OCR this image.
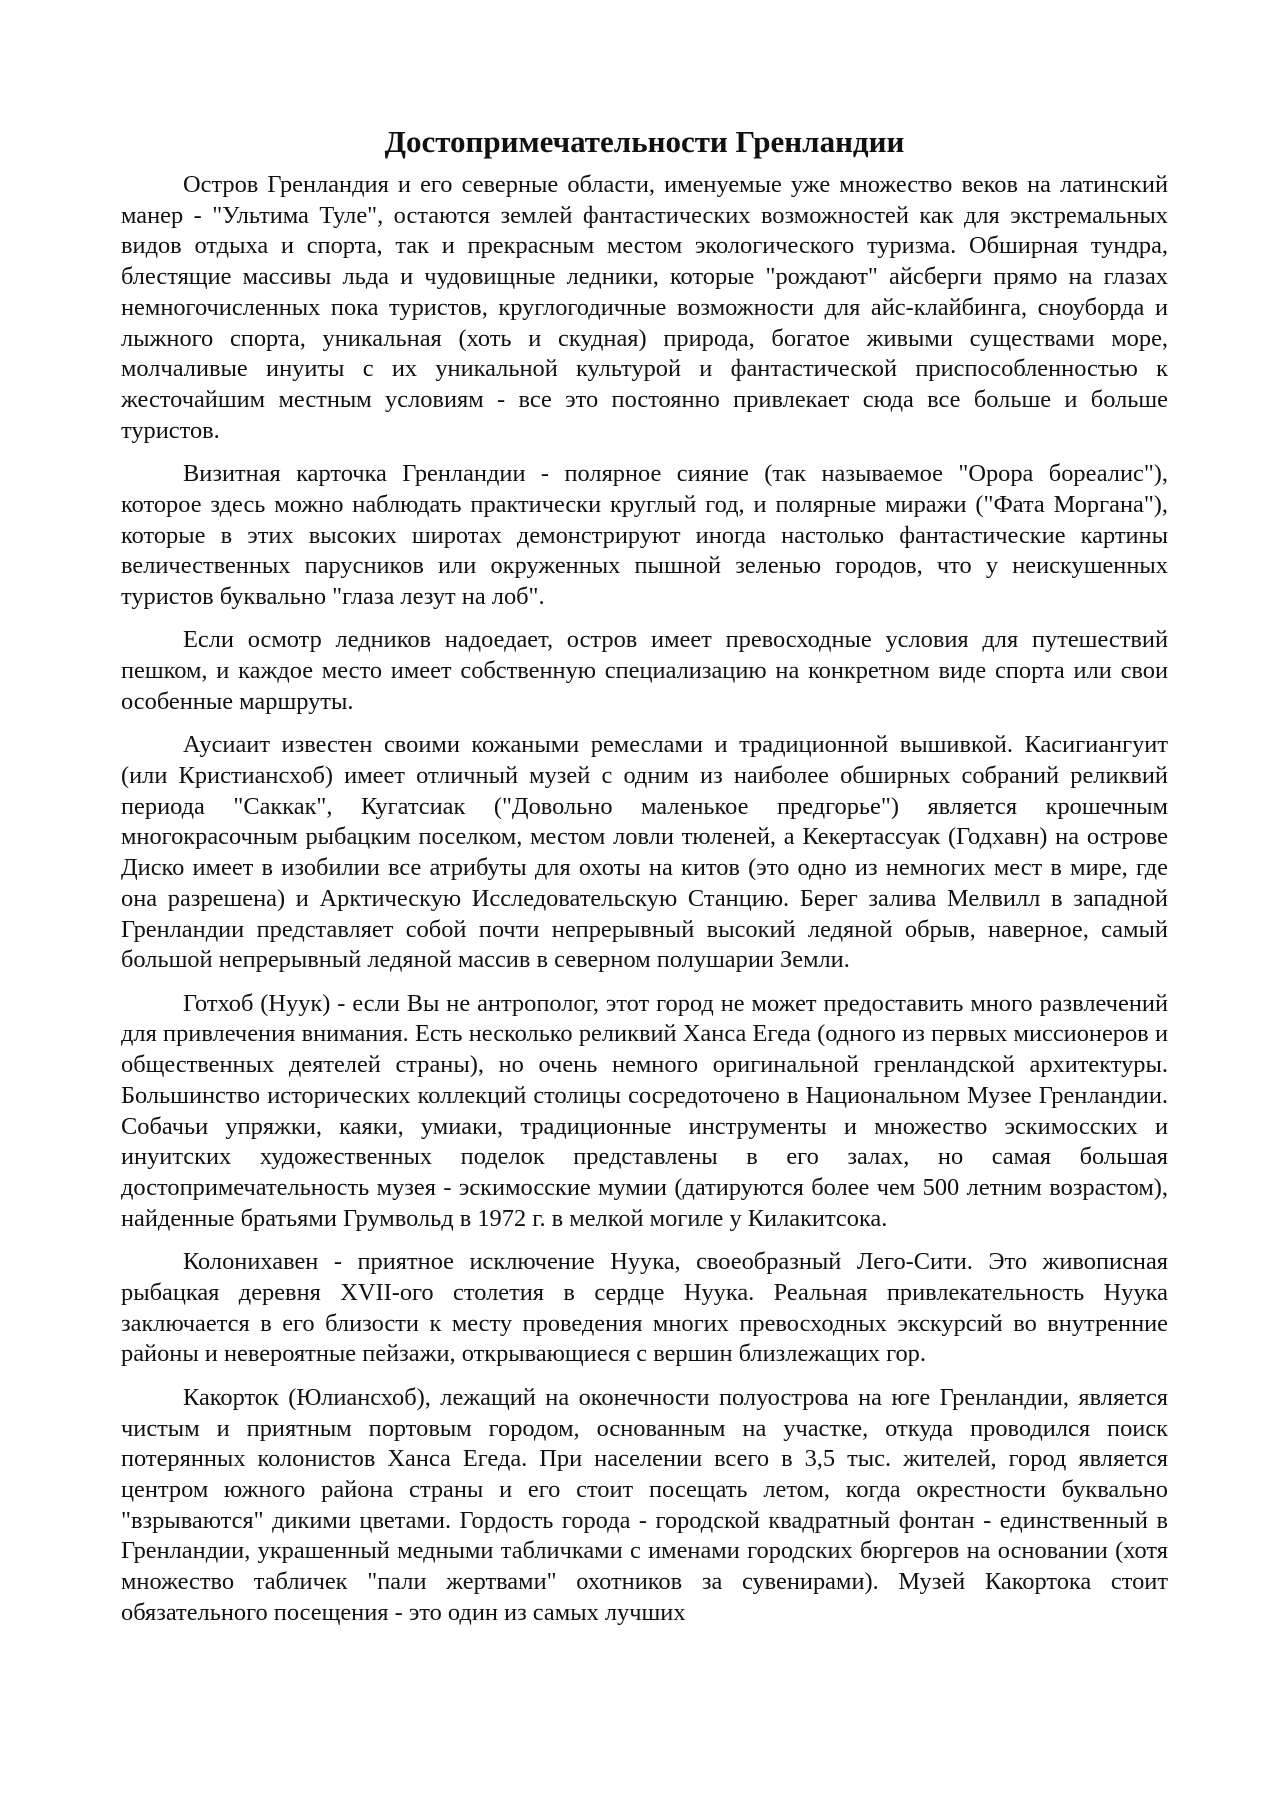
Достопримечательности Гренландии

Остров Гренландия и его северные области, именуемые уже множество веков на латинский манер - "Ультима Туле", остаются землей фантастических возможностей как для экстремальных видов отдыха и спорта, так и прекрасным местом экологического туризма. Обширная тундра, блестящие массивы льда и чудовищные ледники, которые "рождают" айсберги прямо на глазах немногочисленных пока туристов, круглогодичные возможности для айс-клайбинга, сноуборда и лыжного спорта, уникальная (хоть и скудная) природа, богатое живыми существами море, молчаливые инуиты с их уникальной культурой и фантастической приспособленностью к жесточайшим местным условиям - все это постоянно привлекает сюда все больше и больше туристов.

Визитная карточка Гренландии - полярное сияние (так называемое "Орора бореалис"), которое здесь можно наблюдать практически круглый год, и полярные миражи ("Фата Моргана"), которые в этих высоких широтах демонстрируют иногда настолько фантастические картины величественных парусников или окруженных пышной зеленью городов, что у неискушенных туристов буквально "глаза лезут на лоб".

Если осмотр ледников надоедает, остров имеет превосходные условия для путешествий пешком, и каждое место имеет собственную специализацию на конкретном виде спорта или свои особенные маршруты.

Аусиаит известен своими кожаными ремеслами и традиционной вышивкой. Касигиангуит (или Кристиансхоб) имеет отличный музей с одним из наиболее обширных собраний реликвий периода "Саккак", Кугатсиак ("Довольно маленькое предгорье") является крошечным многокрасочным рыбацким поселком, местом ловли тюленей, а Кекертассуак (Годхавн) на острове Диско имеет в изобилии все атрибуты для охоты на китов (это одно из немногих мест в мире, где она разрешена) и Арктическую Исследовательскую Станцию. Берег залива Мелвилл в западной Гренландии представляет собой почти непрерывный высокий ледяной обрыв, наверное, самый большой непрерывный ледяной массив в северном полушарии Земли.

Готхоб (Нуук) - если Вы не антрополог, этот город не может предоставить много развлечений для привлечения внимания. Есть несколько реликвий Ханса Егеда (одного из первых миссионеров и общественных деятелей страны), но очень немного оригинальной гренландской архитектуры. Большинство исторических коллекций столицы сосредоточено в Национальном Музее Гренландии. Собачьи упряжки, каяки, умиаки, традиционные инструменты и множество эскимосских и инуитских художественных поделок представлены в его залах, но самая большая достопримечательность музея - эскимосские мумии (датируются более чем 500 летним возрастом), найденные братьями Грумвольд в 1972 г. в мелкой могиле у Килакитсока.

Колонихавен - приятное исключение Нуука, своеобразный Лего-Сити. Это живописная рыбацкая деревня XVII-ого столетия в сердце Нуука. Реальная привлекательность Нуука заключается в его близости к месту проведения многих превосходных экскурсий во внутренние районы и невероятные пейзажи, открывающиеся с вершин близлежащих гор.

Какорток (Юлиансхоб), лежащий на оконечности полуострова на юге Гренландии, является чистым и приятным портовым городом, основанным на участке, откуда проводился поиск потерянных колонистов Ханса Егеда. При населении всего в 3,5 тыс. жителей, город является центром южного района страны и его стоит посещать летом, когда окрестности буквально "взрываются" дикими цветами. Гордость города - городской квадратный фонтан - единственный в Гренландии, украшенный медными табличками с именами городских бюргеров на основании (хотя множество табличек "пали жертвами" охотников за сувенирами). Музей Какортока стоит обязательного посещения - это один из самых лучших
